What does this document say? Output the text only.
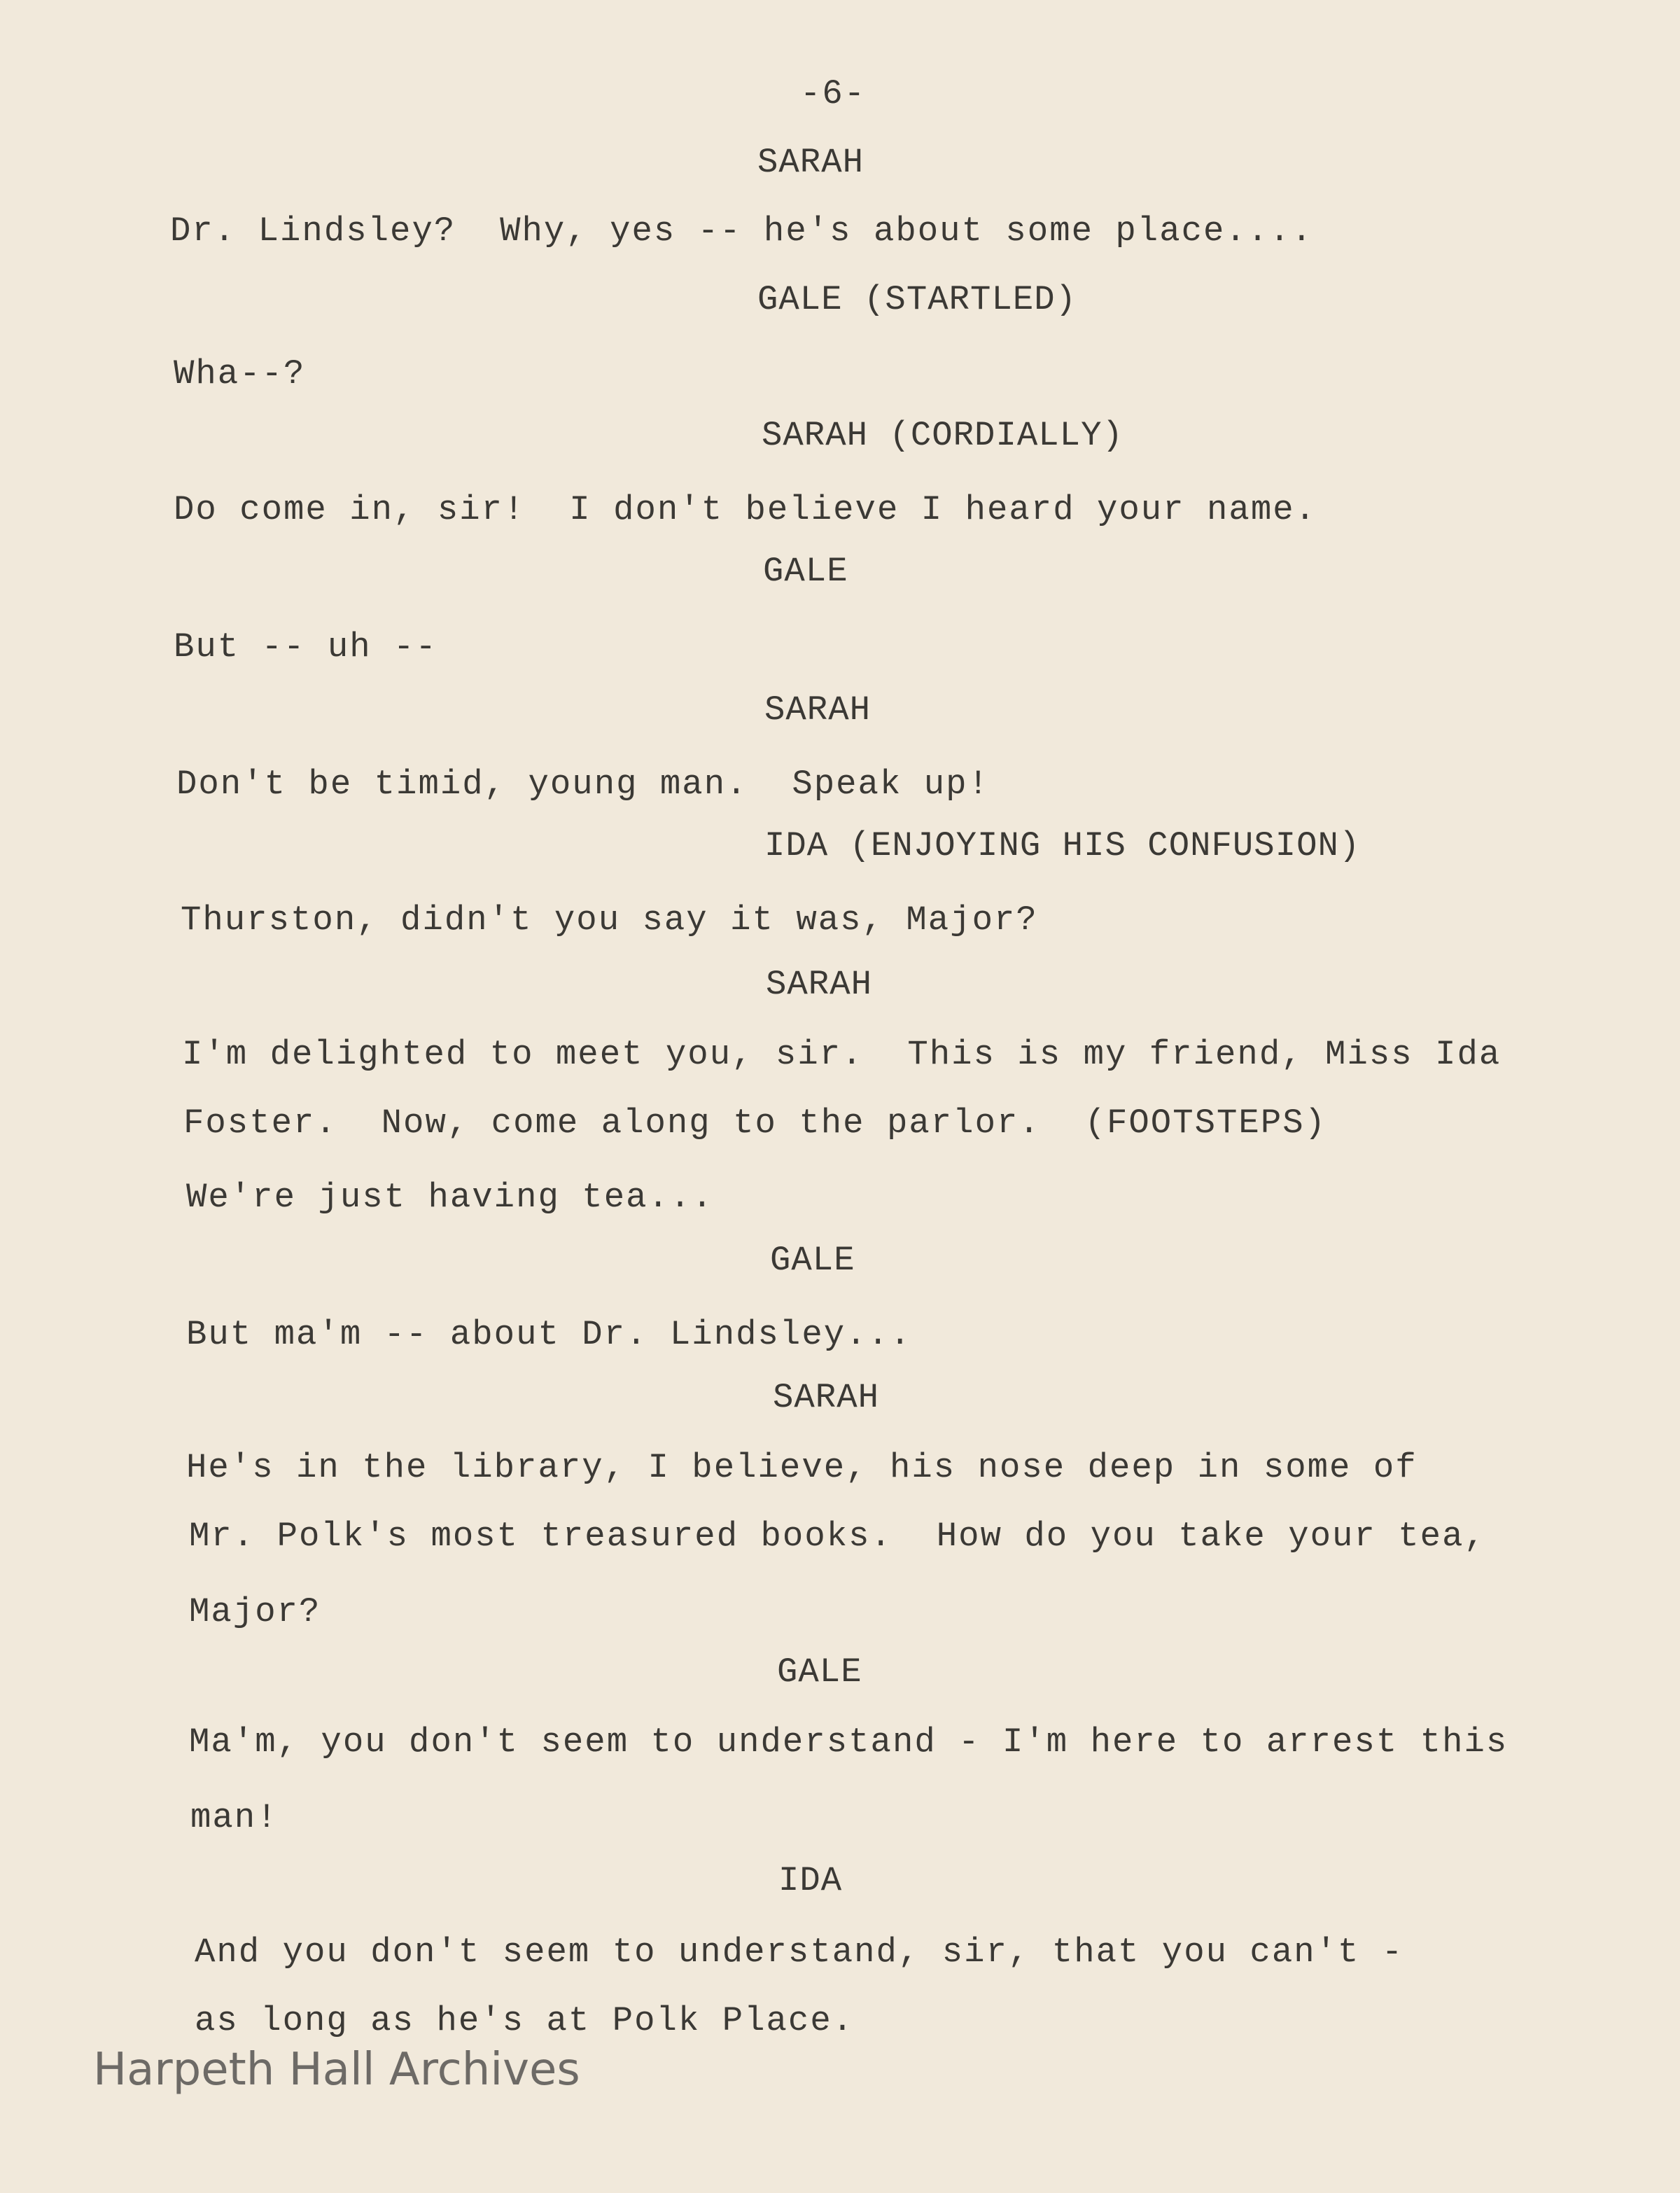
-6-
SARAH
Dr. Lindsley?  Why, yes -- he's about some place....
GALE (STARTLED)
Wha--?
SARAH (CORDIALLY)
Do come in, sir!  I don't believe I heard your name.
GALE
But -- uh --
SARAH
Don't be timid, young man.  Speak up!
IDA (ENJOYING HIS CONFUSION)
Thurston, didn't you say it was, Major?
SARAH
I'm delighted to meet you, sir.  This is my friend, Miss Ida
Foster.  Now, come along to the parlor.  (FOOTSTEPS)
We're just having tea...
GALE
But ma'm -- about Dr. Lindsley...
SARAH
He's in the library, I believe, his nose deep in some of
Mr. Polk's most treasured books.  How do you take your tea,
Major?
GALE
Ma'm, you don't seem to understand - I'm here to arrest this
man!
IDA
And you don't seem to understand, sir, that you can't -
as long as he's at Polk Place.
Harpeth Hall Archives
